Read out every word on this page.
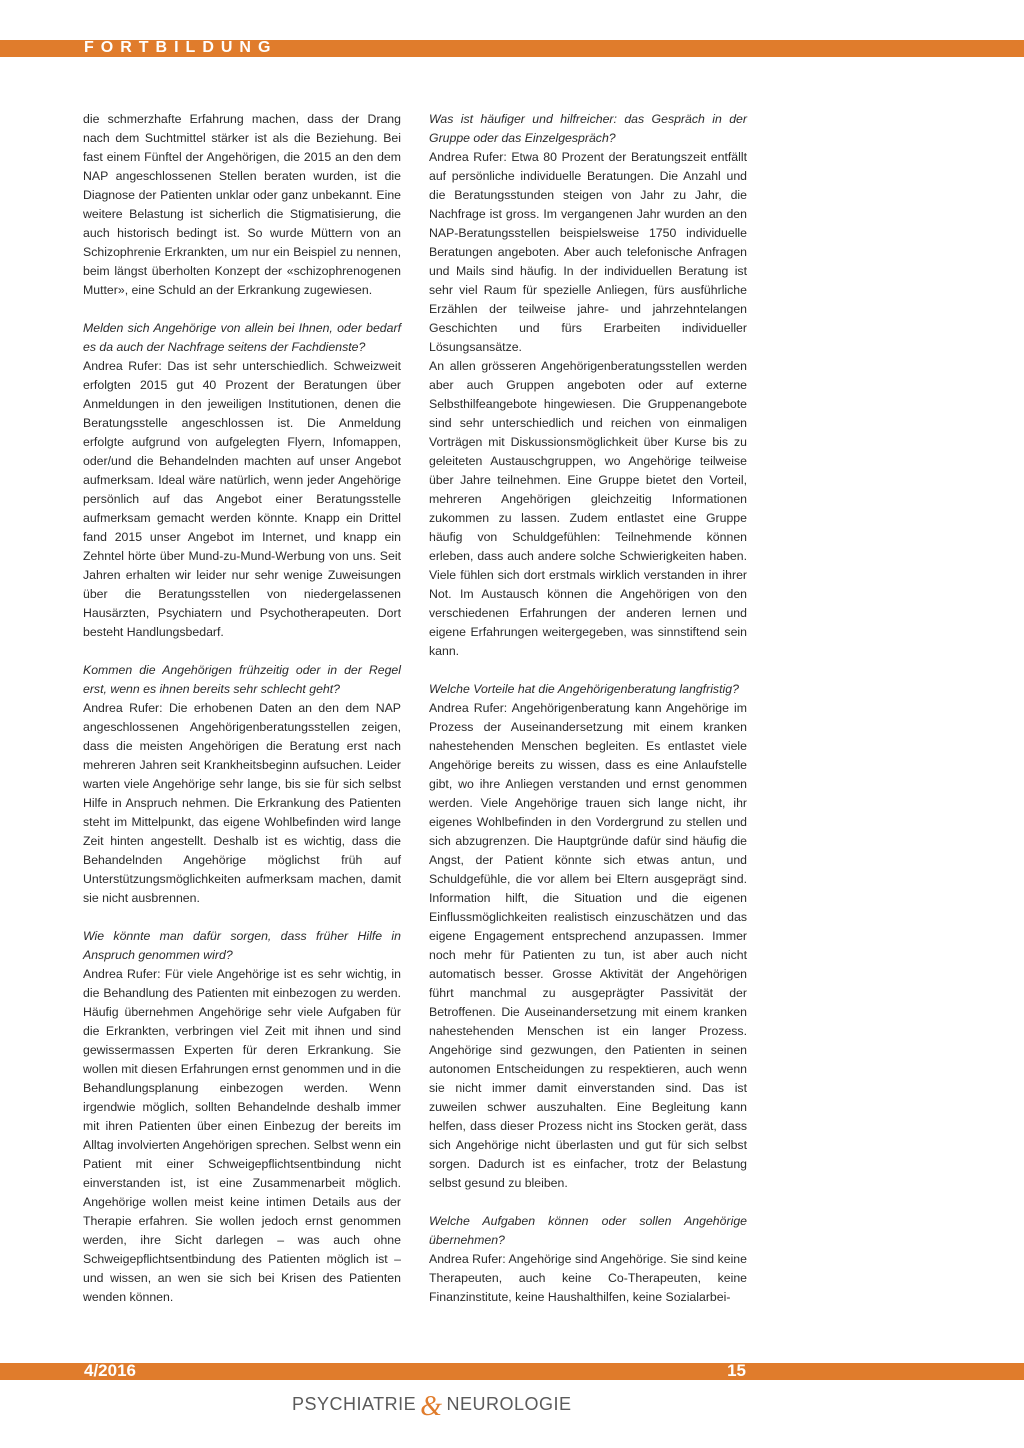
FORTBILDUNG

die schmerzhafte Erfahrung machen, dass der Drang nach dem Suchtmittel stärker ist als die Beziehung. Bei fast einem Fünftel der Angehörigen, die 2015 an den dem NAP angeschlossenen Stellen beraten wurden, ist die Diagnose der Patienten unklar oder ganz unbekannt. Eine weitere Belastung ist sicherlich die Stigmatisierung, die auch historisch bedingt ist. So wurde Müttern von an Schizophrenie Erkrankten, um nur ein Beispiel zu nennen, beim längst überholten Konzept der «schizophrenogenen Mutter», eine Schuld an der Erkrankung zugewiesen.

Melden sich Angehörige von allein bei Ihnen, oder bedarf es da auch der Nachfrage seitens der Fachdienste?

Andrea Rufer: Das ist sehr unterschiedlich. Schweizweit erfolgten 2015 gut 40 Prozent der Beratungen über Anmeldungen in den jeweiligen Institutionen, denen die Beratungsstelle angeschlossen ist. Die Anmeldung erfolgte aufgrund von aufgelegten Flyern, Infomappen, oder/und die Behandelnden machten auf unser Angebot aufmerksam. Ideal wäre natürlich, wenn jeder Angehörige persönlich auf das Angebot einer Beratungsstelle aufmerksam gemacht werden könnte. Knapp ein Drittel fand 2015 unser Angebot im Internet, und knapp ein Zehntel hörte über Mund-zu-Mund-Werbung von uns. Seit Jahren erhalten wir leider nur sehr wenige Zuweisungen über die Beratungsstellen von niedergelassenen Hausärzten, Psychiatern und Psychotherapeuten. Dort besteht Handlungsbedarf.

Kommen die Angehörigen frühzeitig oder in der Regel erst, wenn es ihnen bereits sehr schlecht geht?

Andrea Rufer: Die erhobenen Daten an den dem NAP angeschlossenen Angehörigenberatungsstellen zeigen, dass die meisten Angehörigen die Beratung erst nach mehreren Jahren seit Krankheitsbeginn aufsuchen. Leider warten viele Angehörige sehr lange, bis sie für sich selbst Hilfe in Anspruch nehmen. Die Erkrankung des Patienten steht im Mittelpunkt, das eigene Wohlbefinden wird lange Zeit hinten angestellt. Deshalb ist es wichtig, dass die Behandelnden Angehörige möglichst früh auf Unterstützungsmöglichkeiten aufmerksam machen, damit sie nicht ausbrennen.

Wie könnte man dafür sorgen, dass früher Hilfe in Anspruch genommen wird?

Andrea Rufer: Für viele Angehörige ist es sehr wichtig, in die Behandlung des Patienten mit einbezogen zu werden. Häufig übernehmen Angehörige sehr viele Aufgaben für die Erkrankten, verbringen viel Zeit mit ihnen und sind gewissermassen Experten für deren Erkrankung. Sie wollen mit diesen Erfahrungen ernst genommen und in die Behandlungsplanung einbezogen werden. Wenn irgendwie möglich, sollten Behandelnde deshalb immer mit ihren Patienten über einen Einbezug der bereits im Alltag involvierten Angehörigen sprechen. Selbst wenn ein Patient mit einer Schweigepflichtsentbindung nicht einverstanden ist, ist eine Zusammenarbeit möglich. Angehörige wollen meist keine intimen Details aus der Therapie erfahren. Sie wollen jedoch ernst genommen werden, ihre Sicht darlegen – was auch ohne Schweigepflichtsentbindung des Patienten möglich ist – und wissen, an wen sie sich bei Krisen des Patienten wenden können.

Was ist häufiger und hilfreicher: das Gespräch in der Gruppe oder das Einzelgespräch?

Andrea Rufer: Etwa 80 Prozent der Beratungszeit entfällt auf persönliche individuelle Beratungen. Die Anzahl und die Beratungsstunden steigen von Jahr zu Jahr, die Nachfrage ist gross. Im vergangenen Jahr wurden an den NAP-Beratungsstellen beispielsweise 1750 individuelle Beratungen angeboten. Aber auch telefonische Anfragen und Mails sind häufig. In der individuellen Beratung ist sehr viel Raum für spezielle Anliegen, fürs ausführliche Erzählen der teilweise jahre- und jahrzehntelangen Geschichten und fürs Erarbeiten individueller Lösungsansätze.

An allen grösseren Angehörigenberatungsstellen werden aber auch Gruppen angeboten oder auf externe Selbsthilfeangebote hingewiesen. Die Gruppenangebote sind sehr unterschiedlich und reichen von einmaligen Vorträgen mit Diskussionsmöglichkeit über Kurse bis zu geleiteten Austauschgruppen, wo Angehörige teilweise über Jahre teilnehmen. Eine Gruppe bietet den Vorteil, mehreren Angehörigen gleichzeitig Informationen zukommen zu lassen. Zudem entlastet eine Gruppe häufig von Schuldgefühlen: Teilnehmende können erleben, dass auch andere solche Schwierigkeiten haben. Viele fühlen sich dort erstmals wirklich verstanden in ihrer Not. Im Austausch können die Angehörigen von den verschiedenen Erfahrungen der anderen lernen und eigene Erfahrungen weitergegeben, was sinnstiftend sein kann.

Welche Vorteile hat die Angehörigenberatung langfristig?

Andrea Rufer: Angehörigenberatung kann Angehörige im Prozess der Auseinandersetzung mit einem kranken nahestehenden Menschen begleiten. Es entlastet viele Angehörige bereits zu wissen, dass es eine Anlaufstelle gibt, wo ihre Anliegen verstanden und ernst genommen werden. Viele Angehörige trauen sich lange nicht, ihr eigenes Wohlbefinden in den Vordergrund zu stellen und sich abzugrenzen. Die Hauptgründe dafür sind häufig die Angst, der Patient könnte sich etwas antun, und Schuldgefühle, die vor allem bei Eltern ausgeprägt sind. Information hilft, die Situation und die eigenen Einflussmöglichkeiten realistisch einzuschätzen und das eigene Engagement entsprechend anzupassen. Immer noch mehr für Patienten zu tun, ist aber auch nicht automatisch besser. Grosse Aktivität der Angehörigen führt manchmal zu ausgeprägter Passivität der Betroffenen. Die Auseinandersetzung mit einem kranken nahestehenden Menschen ist ein langer Prozess. Angehörige sind gezwungen, den Patienten in seinen autonomen Entscheidungen zu respektieren, auch wenn sie nicht immer damit einverstanden sind. Das ist zuweilen schwer auszuhalten. Eine Begleitung kann helfen, dass dieser Prozess nicht ins Stocken gerät, dass sich Angehörige nicht überlasten und gut für sich selbst sorgen. Dadurch ist es einfacher, trotz der Belastung selbst gesund zu bleiben.

Welche Aufgaben können oder sollen Angehörige übernehmen?

Andrea Rufer: Angehörige sind Angehörige. Sie sind keine Therapeuten, auch keine Co-Therapeuten, keine Finanzinstitute, keine Haushalthilfen, keine Sozialarbei-

4/2016	15
PSYCHIATRIE & NEUROLOGIE
